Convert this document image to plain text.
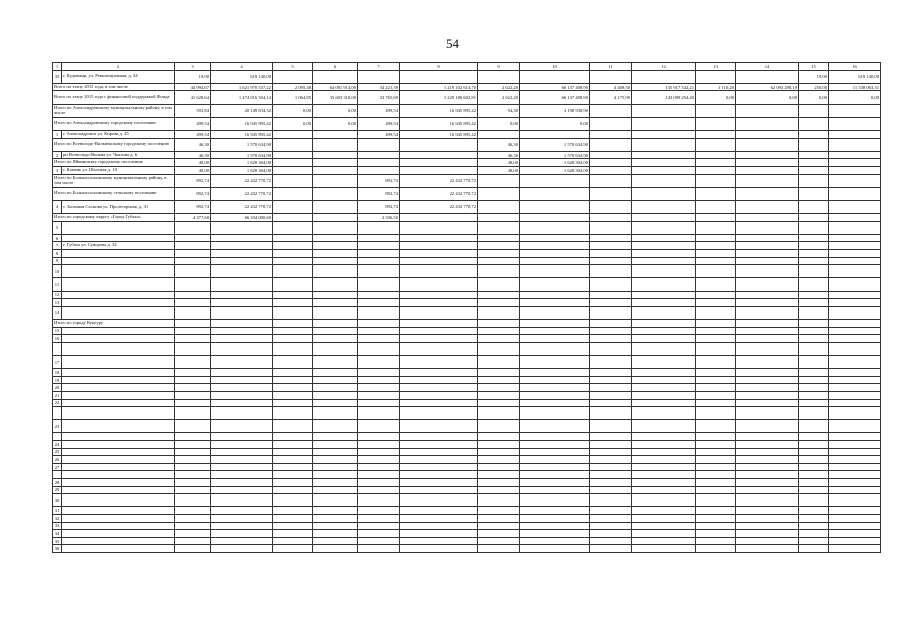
54
1	2	3	4	5	6	7	8	9	10	11	12	13	14	15	16
35	г. Кудымкар, ул. Революционная, д. 34	19,00	618 140,00											19,00	618 140,00
Всего по этапу 2015 года, в том числе		44 994,67	1 621 970 537,22	2 095,48	64 081 914,00	34 221,39	1 219 102 614,70	2 622,20	66 137 408,90	4 408,50	135 917 542,21	1 110,20	62 093 298,10	250,00	11 538 063,31
Всего по этапу 2015 года с финансовой поддержкой Фонда		41 628,64	1 474 016 504,14	1 064,85	35 603 318,00	33 765,69	1 229 186 602,81	2 622,20	66 137 408,90	4 175,90	143 089 254,40	0,00	0,00	0,00	0,00
Итого по Александровскому муниципальному району, в том числе		593,84	20 149 834,32	0,00	0,00	499,54	16 945 895,42	94,30	3 198 938,90						
Итого по Александровскому городскому поселению		499,54	16 945 895,42	0,00	0,00	499,54	16 945 895,42	0,00	0,00						
1	г. Александровск ул. Кирова д. 45	499,54	16 945 895,42			499,54	16 945 895,42								
Итого по Всеволодо-Вильвенскому городскому поселению		46,30	1 570 634,90					46,30	1 570 634,90						
2	рп Всеволодо-Вильва ул. Чкалова д. 6	46,30	1 570 634,90					46,30	1 570 634,90						
Итого по Яйвинскому городскому поселению		48,00	1 628 304,00					48,00	1 628 304,00						
3	г. Камень ул. Шахтная д. 10	48,00	1 628 304,00					48,00	1 628 304,00						
Итого по Большесосновскому муниципальному району, в том числе		892,74	22 432 770,72			892,74	22 432 770,72								
Итого по Большесосновскому сельскому поселению		892,74	22 432 770,72			892,74	22 432 770,72								
4	с. Большая Соснова ул. Пролетарская, д. 31	892,74	22 432 770,72			892,74	22 432 770,72								
Итого по городскому округу «Город Губаха»		4 377,60	66 334 000,60			2 336,50									
5															
6															
7	г. Губаха ул. Суворова д. 32														
8															
9															
10															
11															
12															
13															
14															
Итого по городу Кунгуру															
15															
16															

17															
18															
19															
20															
21															
22															

23															

24															
25															
26															
27															

28															
29															
30															
31															
32															
33															
34															
35															
36															
